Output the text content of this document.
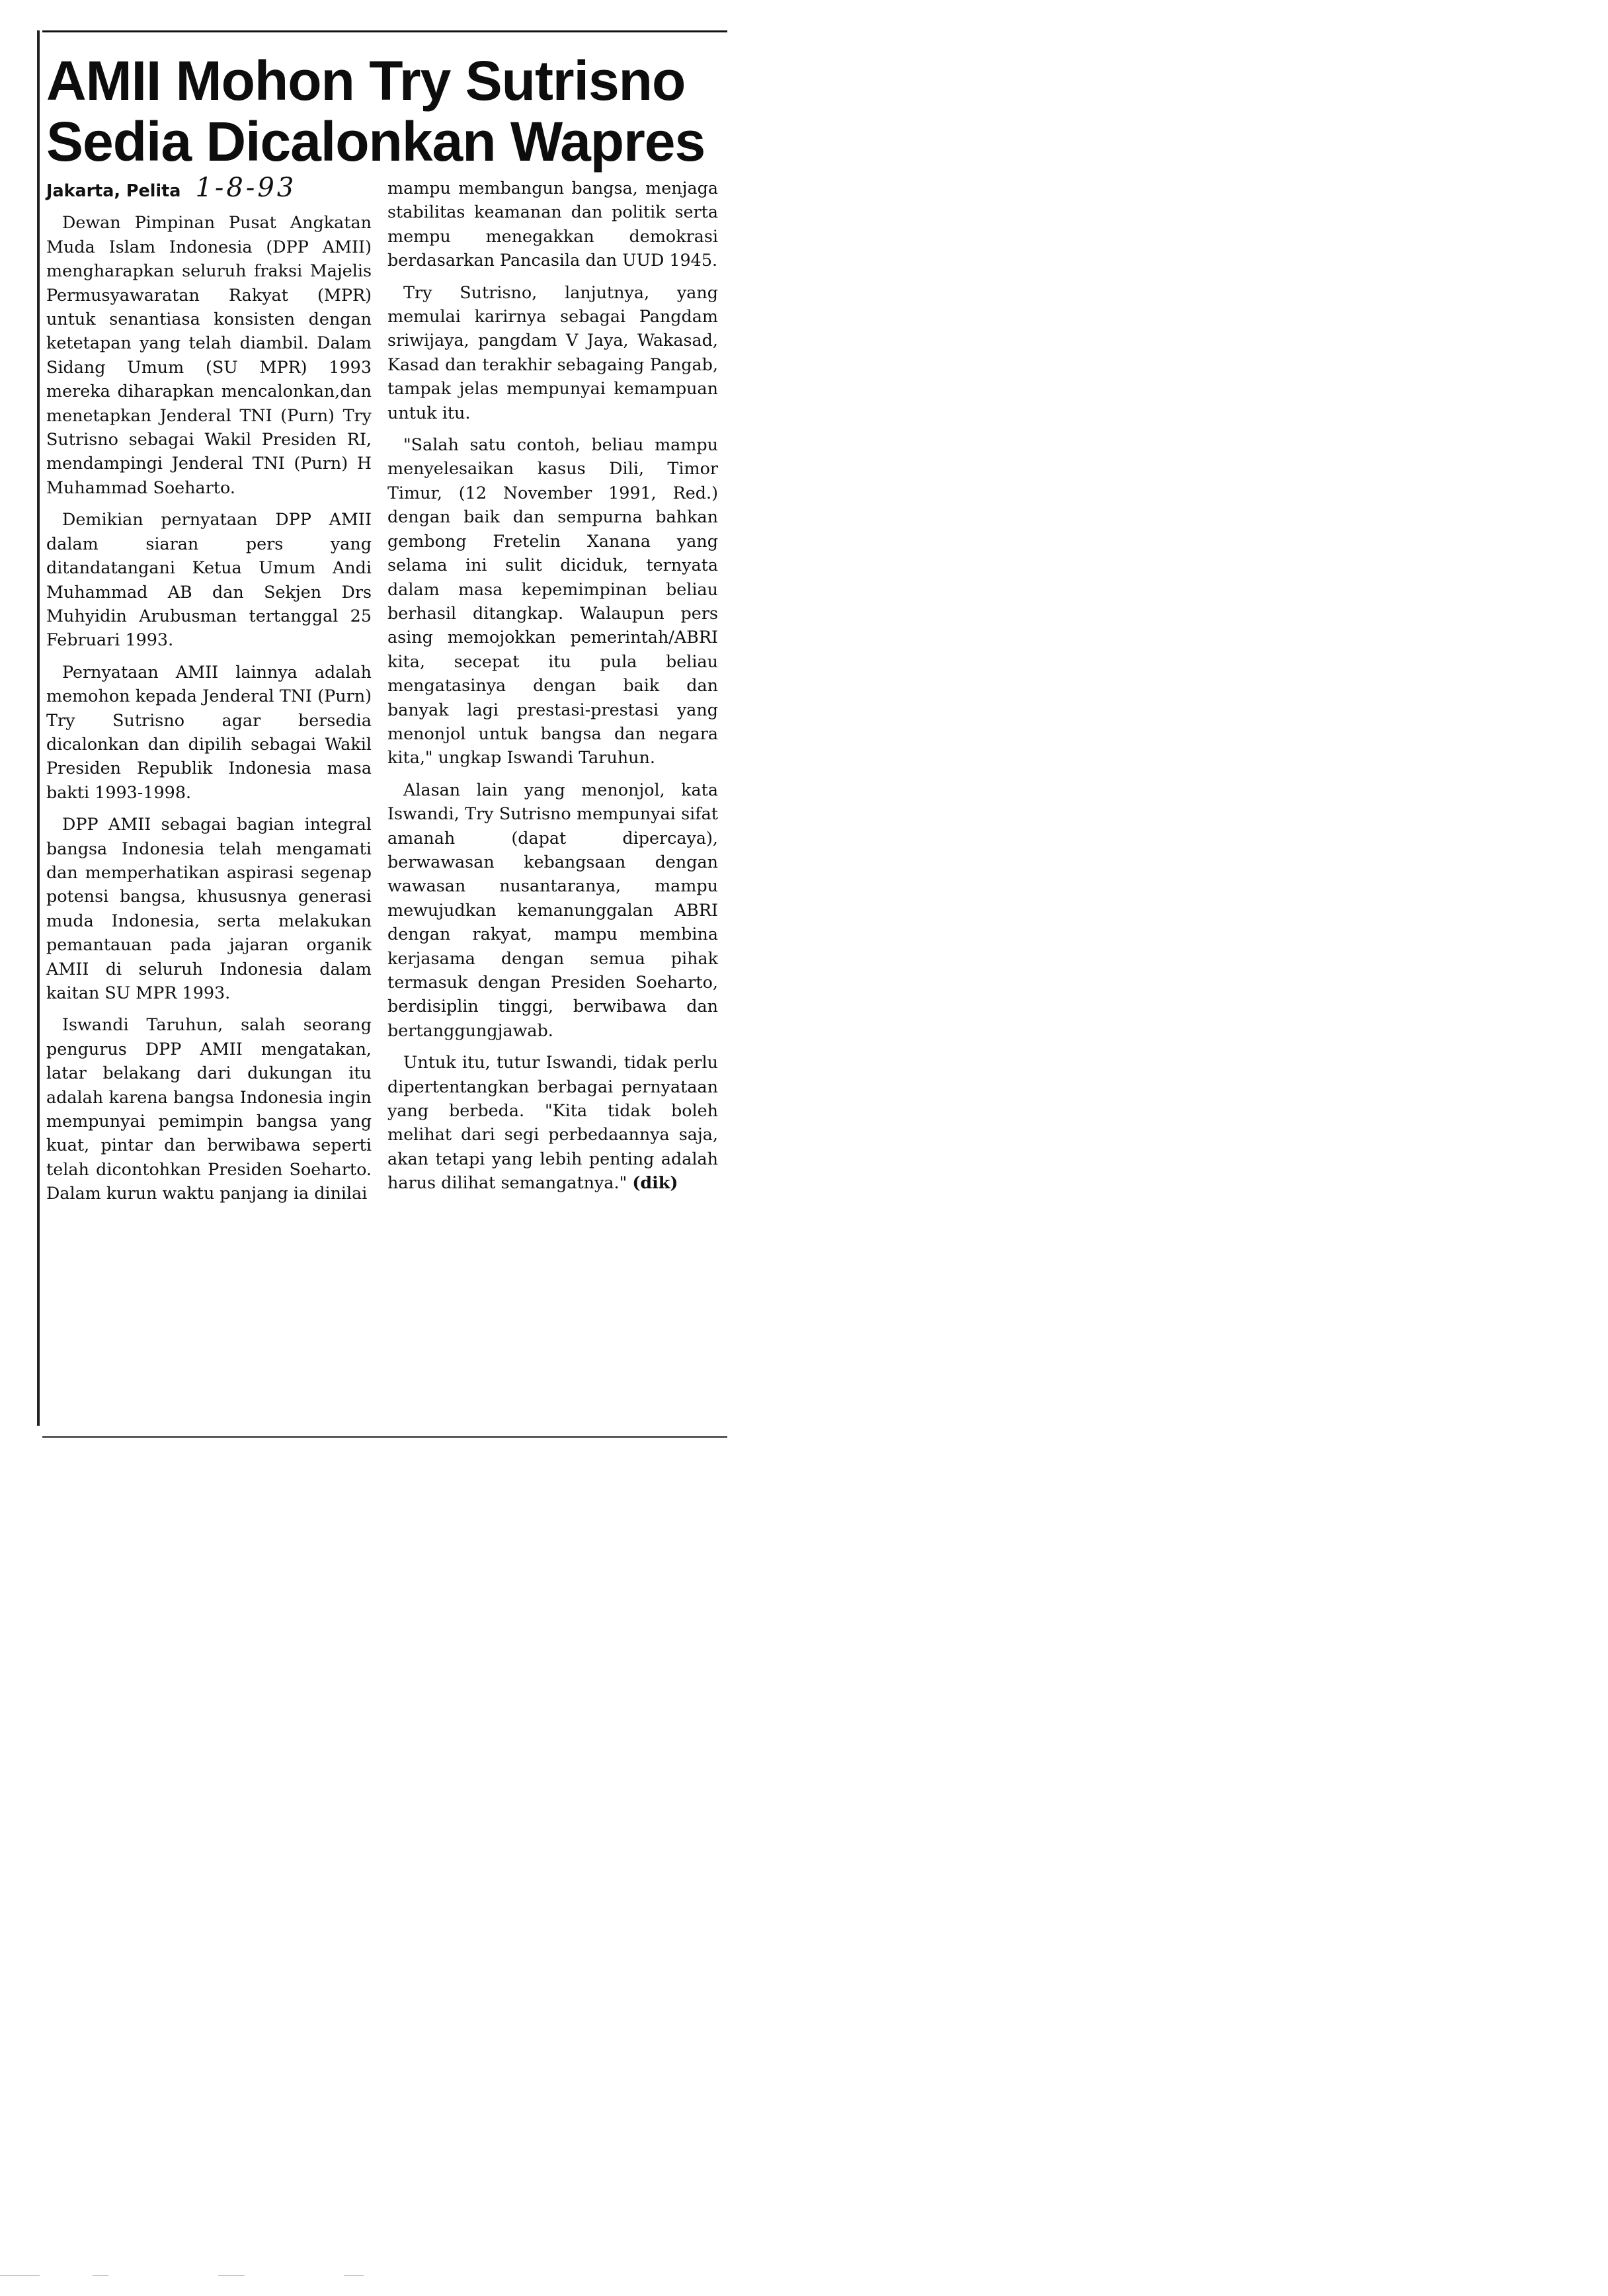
AMII Mohon Try Sutrisno
Sedia Dicalonkan Wapres

Jakarta, Pelita 1-8-93

Dewan Pimpinan Pusat Angkatan Muda Islam Indonesia (DPP AMII) mengharapkan seluruh fraksi Majelis Permusyawaratan Rakyat (MPR) untuk senantiasa konsisten dengan ketetapan yang telah diambil. Dalam Sidang Umum (SU MPR) 1993 mereka diharapkan mencalonkan,dan menetapkan Jenderal TNI (Purn) Try Sutrisno sebagai Wakil Presiden RI, mendampingi Jenderal TNI (Purn) H Muhammad Soeharto.

Demikian pernyataan DPP AMII dalam siaran pers yang ditandatangani Ketua Umum Andi Muhammad AB dan Sekjen Drs Muhyidin Arubusman tertanggal 25 Februari 1993.

Pernyataan AMII lainnya adalah memohon kepada Jenderal TNI (Purn) Try Sutrisno agar bersedia dicalonkan dan dipilih sebagai Wakil Presiden Republik Indonesia masa bakti 1993-1998.

DPP AMII sebagai bagian integral bangsa Indonesia telah mengamati dan memperhatikan aspirasi segenap potensi bangsa, khususnya generasi muda Indonesia, serta melakukan pemantauan pada jajaran organik AMII di seluruh Indonesia dalam kaitan SU MPR 1993.

Iswandi Taruhun, salah seorang pengurus DPP AMII mengatakan, latar belakang dari dukungan itu adalah karena bangsa Indonesia ingin mempunyai pemimpin bangsa yang kuat, pintar dan berwibawa seperti telah dicontohkan Presiden Soeharto. Dalam kurun waktu panjang ia dinilai

mampu membangun bangsa, menjaga stabilitas keamanan dan politik serta mempu menegakkan demokrasi berdasarkan Pancasila dan UUD 1945.

Try Sutrisno, lanjutnya, yang memulai karirnya sebagai Pangdam sriwijaya, pangdam V Jaya, Wakasad, Kasad dan terakhir sebagaing Pangab, tampak jelas mempunyai kemampuan untuk itu.

"Salah satu contoh, beliau mampu menyelesaikan kasus Dili, Timor Timur, (12 November 1991, Red.) dengan baik dan sempurna bahkan gembong Fretelin Xanana yang selama ini sulit diciduk, ternyata dalam masa kepemimpinan beliau berhasil ditangkap. Walaupun pers asing memojokkan pemerintah/ABRI kita, secepat itu pula beliau mengatasinya dengan baik dan banyak lagi prestasi-prestasi yang menonjol untuk bangsa dan negara kita," ungkap Iswandi Taruhun.

Alasan lain yang menonjol, kata Iswandi, Try Sutrisno mempunyai sifat amanah (dapat dipercaya), berwawasan kebangsaan dengan wawasan nusantaranya, mampu mewujudkan kemanunggalan ABRI dengan rakyat, mampu membina kerjasama dengan semua pihak termasuk dengan Presiden Soeharto, berdisiplin tinggi, berwibawa dan bertanggungjawab.

Untuk itu, tutur Iswandi, tidak perlu dipertentangkan berbagai pernyataan yang berbeda. "Kita tidak boleh melihat dari segi perbedaannya saja, akan tetapi yang lebih penting adalah harus dilihat semangatnya." (dik)
